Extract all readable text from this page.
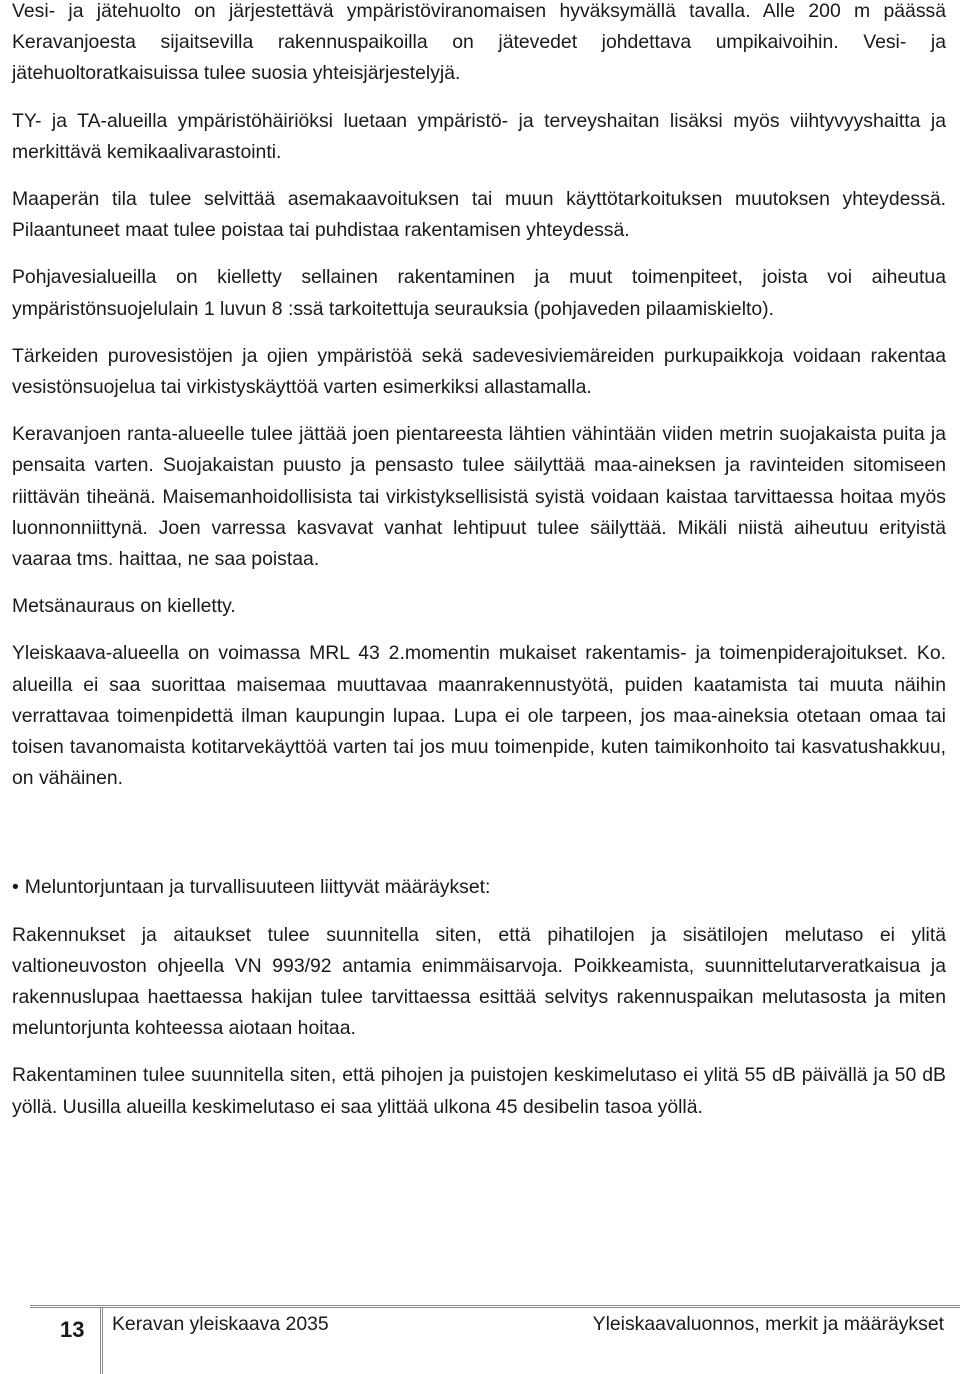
Vesi- ja jätehuolto on järjestettävä ympäristöviranomaisen hyväksymällä tavalla. Alle 200 m päässä Keravanjoesta sijaitsevilla rakennuspaikoilla on jätevedet johdettava umpikaivoihin. Vesi- ja jätehuoltoratkaisuissa tulee suosia yhteisjärjestelyjä.

TY- ja TA-alueilla ympäristöhäiriöksi luetaan ympäristö- ja terveyshaitan lisäksi myös viihtyvyyshaitta ja merkittävä kemikaalivarastointi.

Maaperän tila tulee selvittää asemakaavoituksen tai muun käyttötarkoituksen muutoksen yhteydessä. Pilaantuneet maat tulee poistaa tai puhdistaa rakentamisen yhteydessä.

Pohjavesialueilla on kielletty sellainen rakentaminen ja muut toimenpiteet, joista voi aiheutua ympäristönsuojelulain 1 luvun 8 :ssä tarkoitettuja seurauksia (pohjaveden pilaamiskielto).

Tärkeiden purovesistöjen ja ojien ympäristöä sekä sadevesiviemäreiden purkupaikkoja voidaan rakentaa vesistönsuojelua tai virkistyskäyttöä varten esimerkiksi allastamalla.

Keravanjoen ranta-alueelle tulee jättää joen pientareesta lähtien vähintään viiden metrin suojakaista puita ja pensaita varten. Suojakaistan puusto ja pensasto tulee säilyttää maa-aineksen ja ravinteiden sitomiseen riittävän tiheänä. Maisemanhoidollisista tai virkistyksellisistä syistä voidaan kaistaa tarvittaessa hoitaa myös luonnonniittynä. Joen varressa kasvavat vanhat lehtipuut tulee säilyttää. Mikäli niistä aiheutuu erityistä vaaraa tms. haittaa, ne saa poistaa.

Metsänauraus on kielletty.

Yleiskaava-alueella on voimassa MRL 43 2.momentin mukaiset rakentamis- ja toimenpiderajoitukset. Ko. alueilla ei saa suorittaa maisemaa muuttavaa maanrakennustyötä, puiden kaatamista tai muuta näihin verrattavaa toimenpidettä ilman kaupungin lupaa. Lupa ei ole tarpeen, jos maa-aineksia otetaan omaa tai toisen tavanomaista kotitarvekäyttöä varten tai jos muu toimenpide, kuten taimikonhoito tai kasvatushakkuu, on vähäinen.

• Meluntorjuntaan ja turvallisuuteen liittyvät määräykset:

Rakennukset ja aitaukset tulee suunnitella siten, että pihatilojen ja sisätilojen melutaso ei ylitä valtioneuvoston ohjeella VN 993/92 antamia enimmäisarvoja. Poikkeamista, suunnittelutarveratkaisua ja rakennuslupaa haettaessa hakijan tulee tarvittaessa esittää selvitys rakennuspaikan melutasosta ja miten meluntorjunta kohteessa aiotaan hoitaa.

Rakentaminen tulee suunnitella siten, että pihojen ja puistojen keskimelutaso ei ylitä 55 dB päivällä ja 50 dB yöllä. Uusilla alueilla keskimelutaso ei saa ylittää ulkona 45 desibelin tasoa yöllä.

13 Keravan yleiskaava 2035	Yleiskaavaluonnos, merkit ja määräykset
